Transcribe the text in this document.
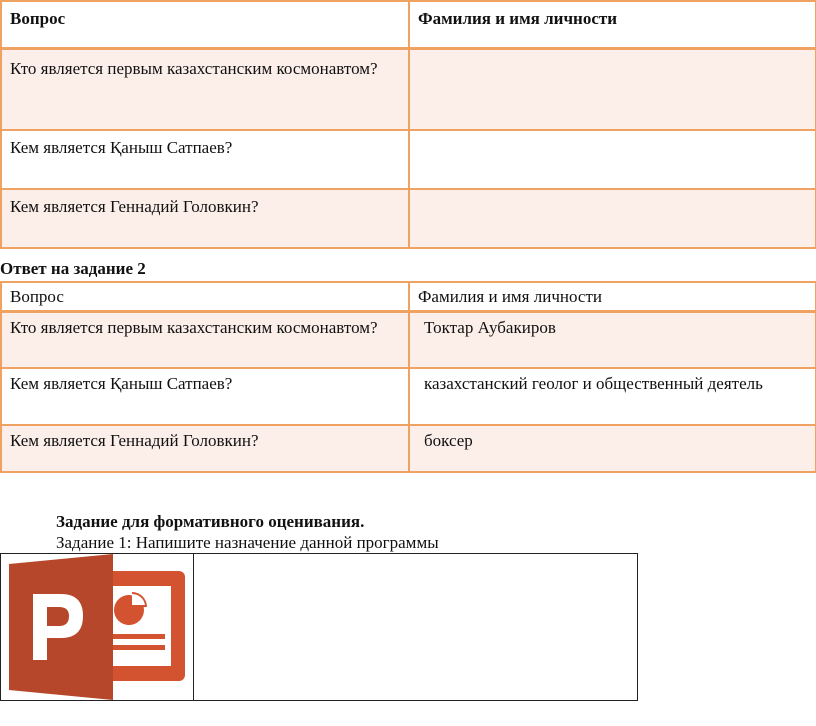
Вопрос	Фамилия и имя личности
Кто является первым казахстанским космонавтом?	
Кем является Қаныш Сатпаев?	
Кем является Геннадий Головкин?	

Ответ на задание 2

Вопрос	Фамилия и имя личности
Кто является первым казахстанским космонавтом?	Токтар Аубакиров
Кем является Қаныш Сатпаев?	казахстанский геолог и общественный деятель
Кем является Геннадий Головкин?	боксер

Задание для формативного оценивания.

Задание 1: Напишите назначение данной программы
